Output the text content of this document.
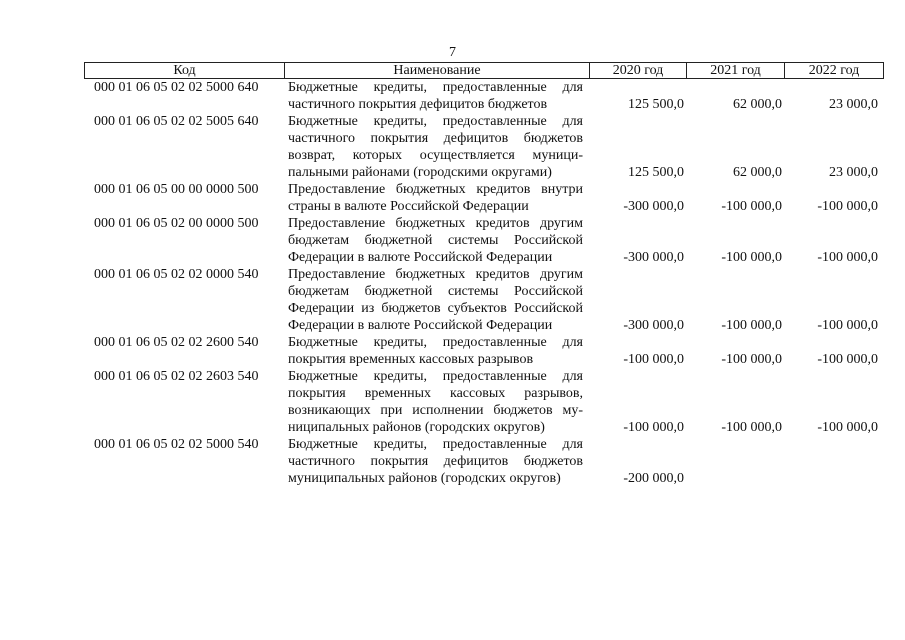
7
Код	Наименование	2020 год	2021 год	2022 год
000 01 06 05 02 02 5000 640	Бюджетные кредиты, предоставленные для частичного покрытия дефицитов бюджетов	125 500,0	62 000,0	23 000,0
000 01 06 05 02 02 5005 640	Бюджетные кредиты, предоставленные для частичного покрытия дефицитов бюджетов возврат, которых осуществляется муниципальными районами (городскими округами)	125 500,0	62 000,0	23 000,0
000 01 06 05 00 00 0000 500	Предоставление бюджетных кредитов внутри страны в валюте Российской Федерации	-300 000,0	-100 000,0	-100 000,0
000 01 06 05 02 00 0000 500	Предоставление бюджетных кредитов другим бюджетам бюджетной системы Российской Федерации в валюте Российской Федерации	-300 000,0	-100 000,0	-100 000,0
000 01 06 05 02 02 0000 540	Предоставление бюджетных кредитов другим бюджетам бюджетной системы Российской Федерации из бюджетов субъектов Российской Федерации в валюте Российской Федерации	-300 000,0	-100 000,0	-100 000,0
000 01 06 05 02 02 2600 540	Бюджетные кредиты, предоставленные для покрытия временных кассовых разрывов	-100 000,0	-100 000,0	-100 000,0
000 01 06 05 02 02 2603 540	Бюджетные кредиты, предоставленные для покрытия временных кассовых разрывов, возникающих при исполнении бюджетов муниципальных районов (городских округов)	-100 000,0	-100 000,0	-100 000,0
000 01 06 05 02 02 5000 540	Бюджетные кредиты, предоставленные для частичного покрытия дефицитов бюджетов муниципальных районов (городских округов)	-200 000,0
